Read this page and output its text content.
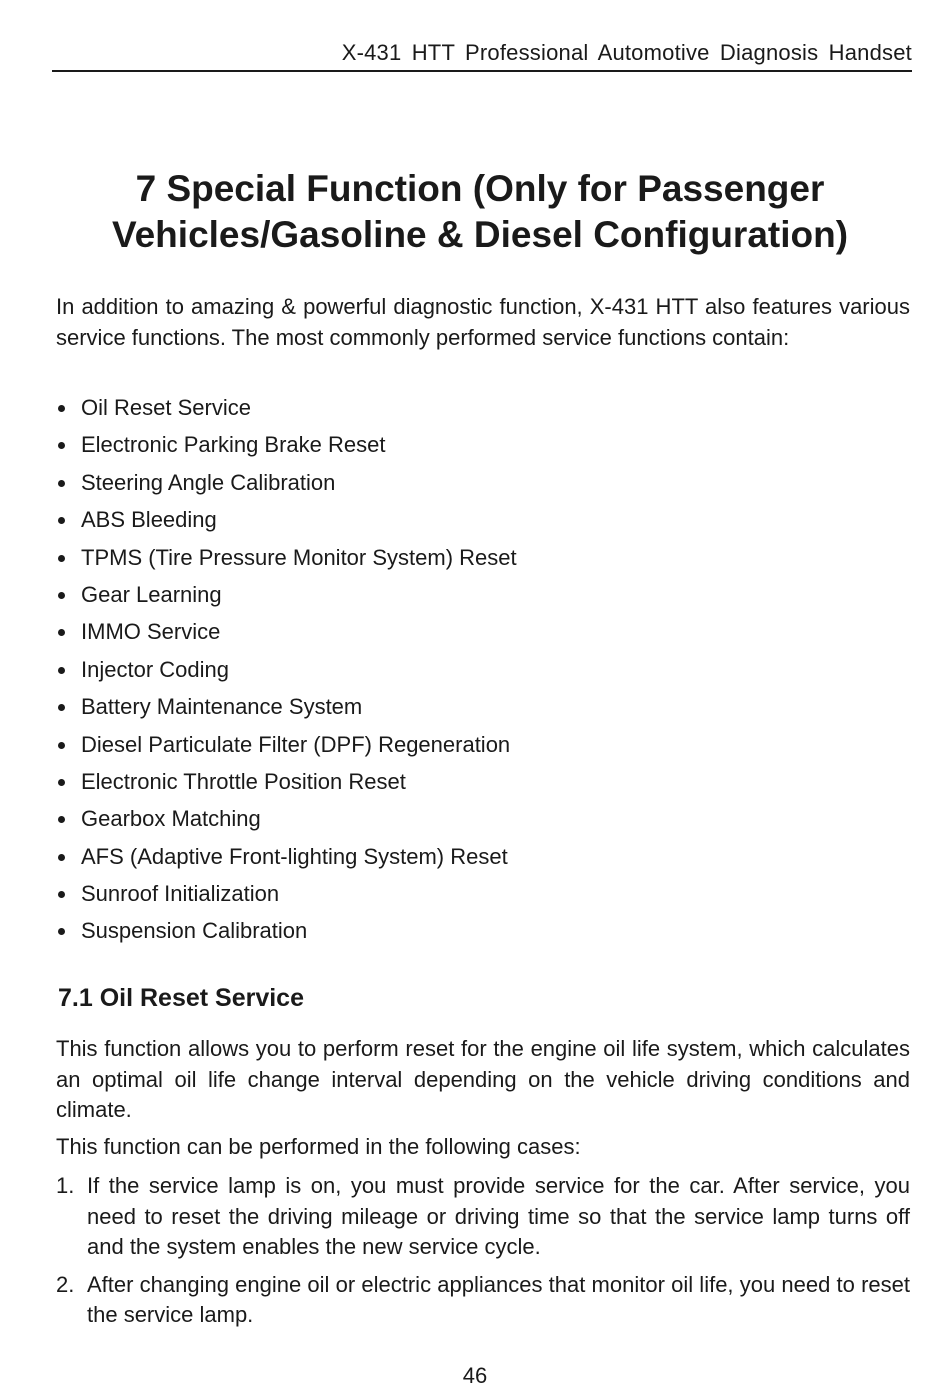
X-431 HTT Professional Automotive Diagnosis Handset
7 Special Function (Only for Passenger
Vehicles/Gasoline & Diesel Configuration)

In addition to amazing & powerful diagnostic function, X-431 HTT also features various service functions. The most commonly performed service functions contain:

Oil Reset Service
Electronic Parking Brake Reset
Steering Angle Calibration
ABS Bleeding
TPMS (Tire Pressure Monitor System) Reset
Gear Learning
IMMO Service
Injector Coding
Battery Maintenance System
Diesel Particulate Filter (DPF) Regeneration
Electronic Throttle Position Reset
Gearbox Matching
AFS (Adaptive Front-lighting System) Reset
Sunroof Initialization
Suspension Calibration
7.1 Oil Reset Service

This function allows you to perform reset for the engine oil life system, which calculates an optimal oil life change interval depending on the vehicle driving conditions and climate.

This function can be performed in the following cases:

1. If the service lamp is on, you must provide service for the car. After service, you need to reset the driving mileage or driving time so that the service lamp turns off and the system enables the new service cycle.
2. After changing engine oil or electric appliances that monitor oil life, you need to reset the service lamp.
46
